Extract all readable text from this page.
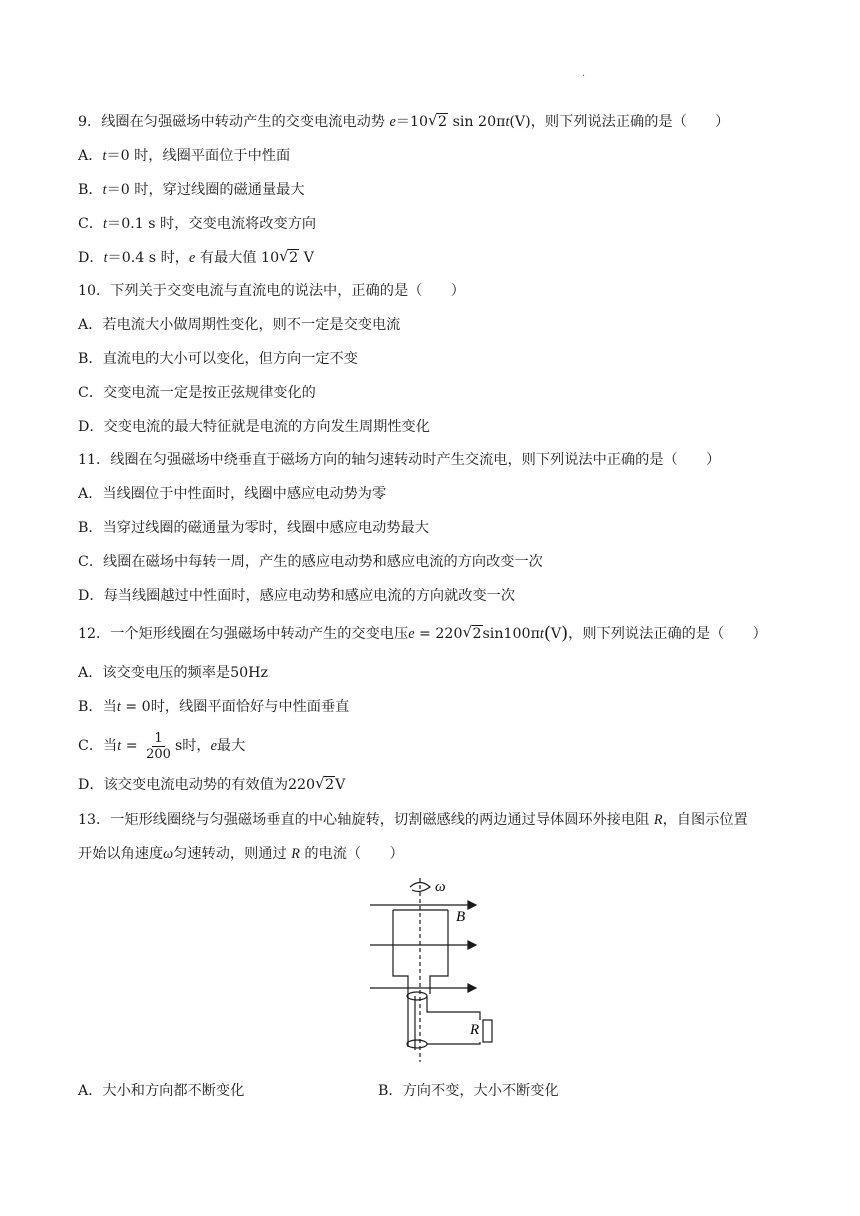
.
9．线圈在匀强磁场中转动产生的交变电流电动势 e＝10 √ 2 sin 20πt(V)，则下列说法正确的是（　　）
A．t＝0 时，线圈平面位于中性面
B．t＝0 时，穿过线圈的磁通量最大
C．t＝0.1 s 时，交变电流将改变方向
D．t＝0.4 s 时，e 有最大值 10 √ 2 V
10．下列关于交变电流与直流电的说法中，正确的是（　　）
A．若电流大小做周期性变化，则不一定是交变电流
B．直流电的大小可以变化，但方向一定不变
C．交变电流一定是按正弦规律变化的
D．交变电流的最大特征就是电流的方向发生周期性变化
11．线圈在匀强磁场中绕垂直于磁场方向的轴匀速转动时产生交流电，则下列说法中正确的是（　　）
A．当线圈位于中性面时，线圈中感应电动势为零
B．当穿过线圈的磁通量为零时，线圈中感应电动势最大
C．线圈在磁场中每转一周，产生的感应电动势和感应电流的方向改变一次
D．每当线圈越过中性面时，感应电动势和感应电流的方向就改变一次
12．一个矩形线圈在匀强磁场中转动产生的交变电压e = 220 √ 2sin100πt(V)，则下列说法正确的是（　　）
A．该交变电压的频率是50Hz
B．当t = 0时，线圈平面恰好与中性面垂直
C．当$t = \frac{1}{200}$ s时，e最大
D．该交变电流电动势的有效值为220 √ 2V
13．一矩形线圈绕与匀强磁场垂直的中心轴旋转，切割磁感线的两边通过导体圆环外接电阻 R，自图示位置
开始以角速度ω匀速转动，则通过 R 的电流（　　）
ω
B
R
A．大小和方向都不断变化	B．方向不变，大小不断变化
